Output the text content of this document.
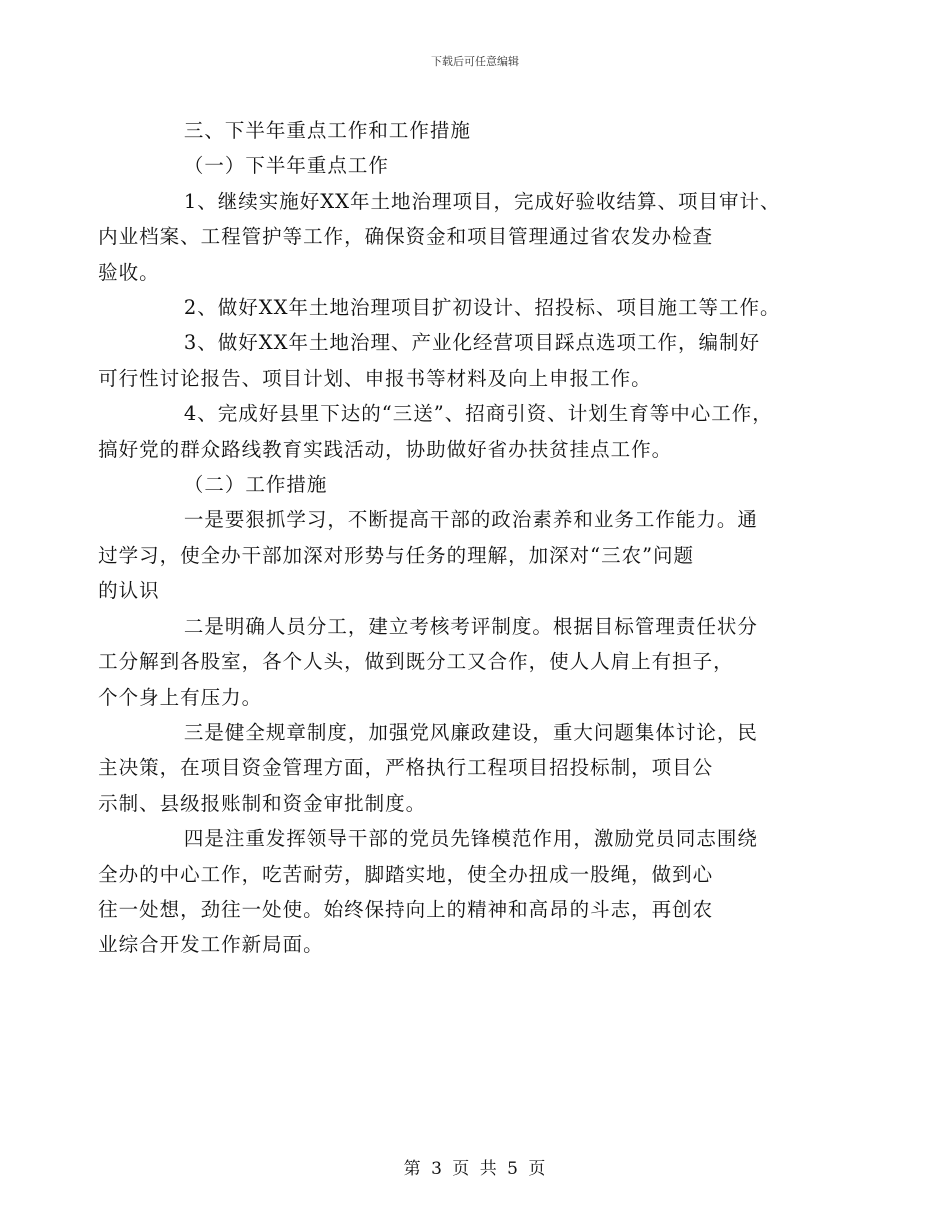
下载后可任意编辑

三、下半年重点工作和工作措施

（一）下半年重点工作

1、继续实施好XX年土地治理项目，完成好验收结算、项目审计、
内业档案、工程管护等工作，确保资金和项目管理通过省农发办检查
验收。

2、做好XX年土地治理项目扩初设计、招投标、项目施工等工作。

3、做好XX年土地治理、产业化经营项目踩点选项工作，编制好
可行性讨论报告、项目计划、申报书等材料及向上申报工作。

4、完成好县里下达的“三送”、招商引资、计划生育等中心工作，
搞好党的群众路线教育实践活动，协助做好省办扶贫挂点工作。

（二）工作措施

一是要狠抓学习，不断提高干部的政治素养和业务工作能力。通
过学习，使全办干部加深对形势与任务的理解，加深对“三农”问题
的认识

二是明确人员分工，建立考核考评制度。根据目标管理责任状分
工分解到各股室，各个人头，做到既分工又合作，使人人肩上有担子，
个个身上有压力。

三是健全规章制度，加强党风廉政建设，重大问题集体讨论，民
主决策，在项目资金管理方面，严格执行工程项目招投标制，项目公
示制、县级报账制和资金审批制度。

四是注重发挥领导干部的党员先锋模范作用，激励党员同志围绕
全办的中心工作，吃苦耐劳，脚踏实地，使全办扭成一股绳，做到心
往一处想，劲往一处使。始终保持向上的精神和高昂的斗志，再创农
业综合开发工作新局面。

第 3 页 共 5 页
